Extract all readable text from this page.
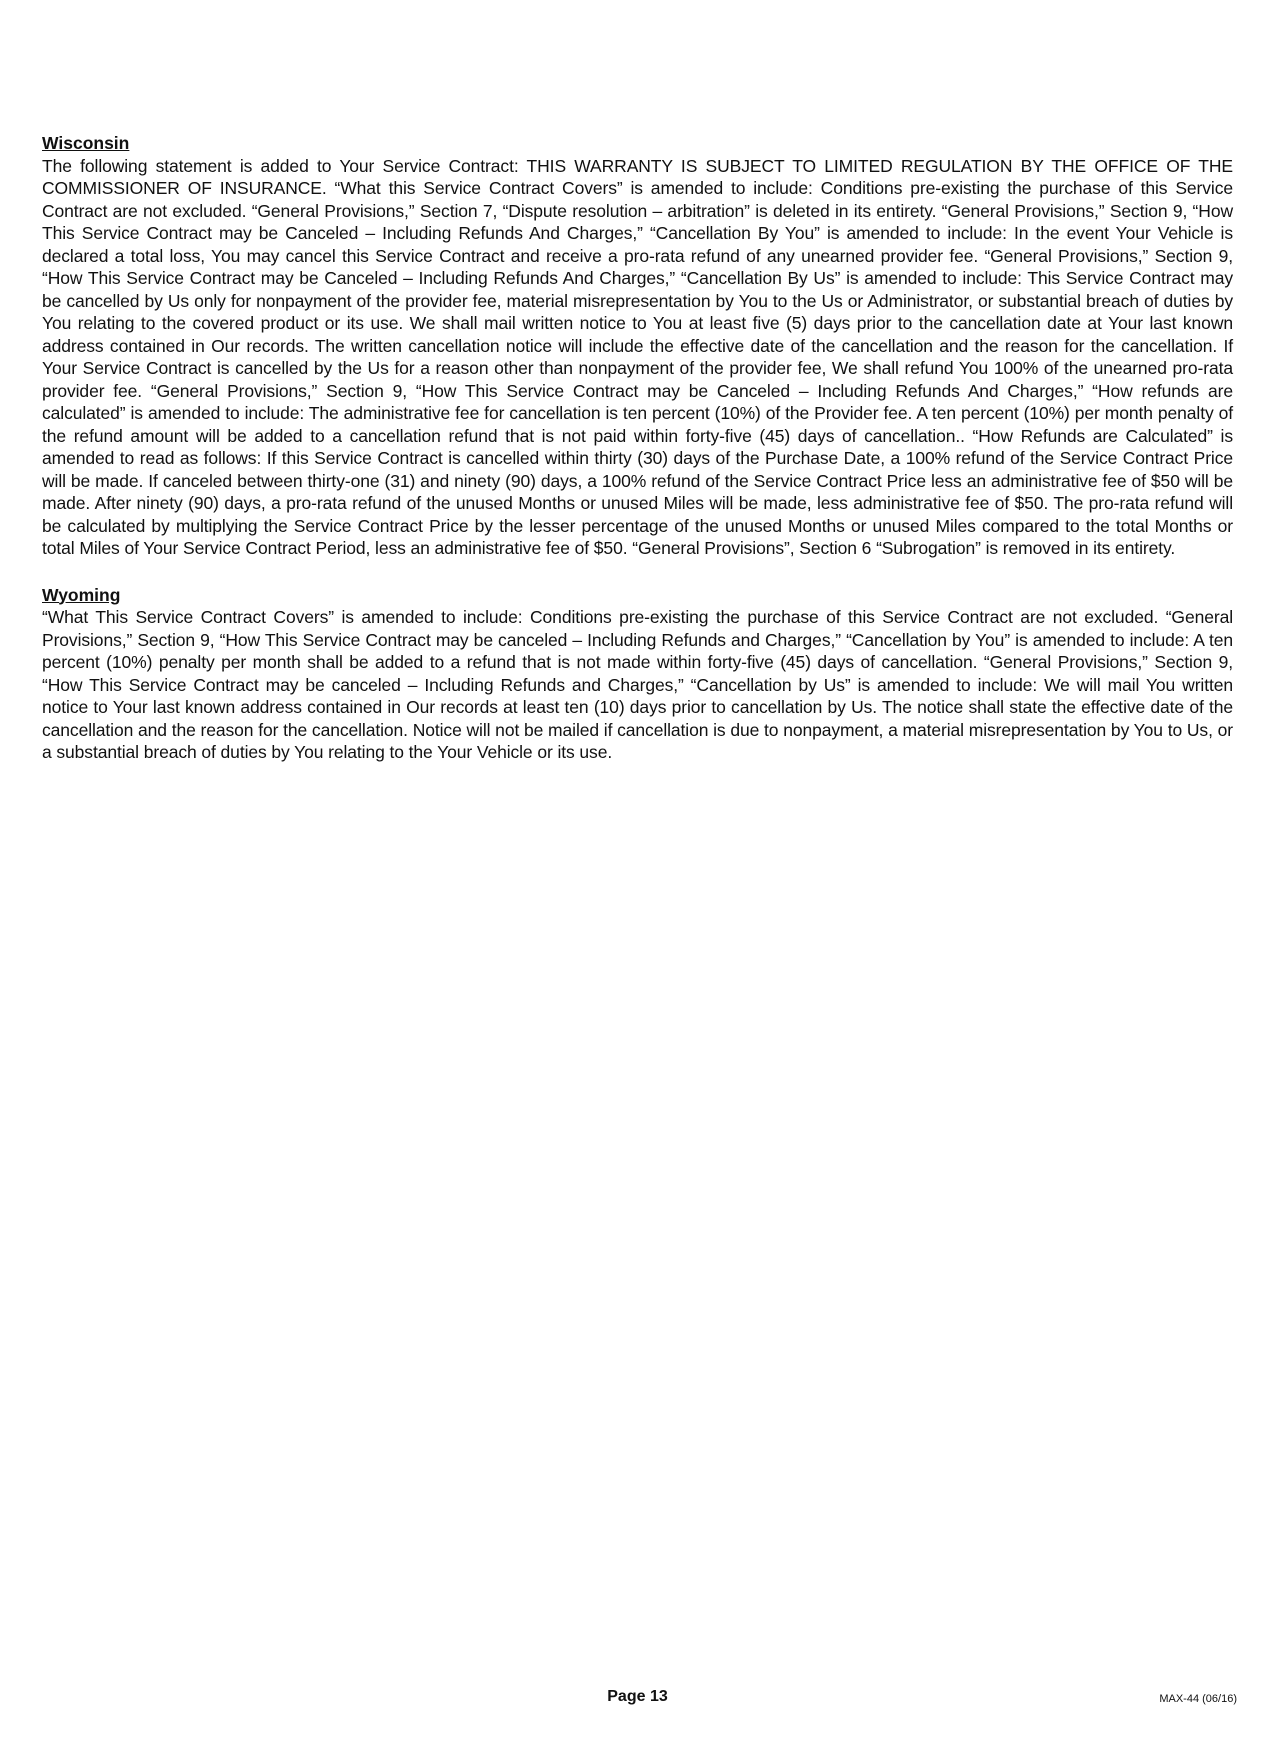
Wisconsin

The following statement is added to Your Service Contract: THIS WARRANTY IS SUBJECT TO LIMITED REGULATION BY THE OFFICE OF THE COMMISSIONER OF INSURANCE. “What this Service Contract Covers” is amended to include: Conditions pre-existing the purchase of this Service Contract are not excluded. “General Provisions,” Section 7, “Dispute resolution – arbitration” is deleted in its entirety. “General Provisions,” Section 9, “How This Service Contract may be Canceled – Including Refunds And Charges,” “Cancellation By You” is amended to include: In the event Your Vehicle is declared a total loss, You may cancel this Service Contract and receive a pro-rata refund of any unearned provider fee. “General Provisions,” Section 9, “How This Service Contract may be Canceled – Including Refunds And Charges,” “Cancellation By Us” is amended to include: This Service Contract may be cancelled by Us only for nonpayment of the provider fee, material misrepresentation by You to the Us or Administrator, or substantial breach of duties by You relating to the covered product or its use. We shall mail written notice to You at least five (5) days prior to the cancellation date at Your last known address contained in Our records. The written cancellation notice will include the effective date of the cancellation and the reason for the cancellation. If Your Service Contract is cancelled by the Us for a reason other than nonpayment of the provider fee, We shall refund You 100% of the unearned pro-rata provider fee. “General Provisions,” Section 9, “How This Service Contract may be Canceled – Including Refunds And Charges,” “How refunds are calculated” is amended to include: The administrative fee for cancellation is ten percent (10%) of the Provider fee. A ten percent (10%) per month penalty of the refund amount will be added to a cancellation refund that is not paid within forty-five (45) days of cancellation.. “How Refunds are Calculated” is amended to read as follows: If this Service Contract is cancelled within thirty (30) days of the Purchase Date, a 100% refund of the Service Contract Price will be made. If canceled between thirty-one (31) and ninety (90) days, a 100% refund of the Service Contract Price less an administrative fee of $50 will be made. After ninety (90) days, a pro-rata refund of the unused Months or unused Miles will be made, less administrative fee of $50. The pro-rata refund will be calculated by multiplying the Service Contract Price by the lesser percentage of the unused Months or unused Miles compared to the total Months or total Miles of Your Service Contract Period, less an administrative fee of $50. “General Provisions”, Section 6 “Subrogation” is removed in its entirety.

Wyoming

“What This Service Contract Covers” is amended to include: Conditions pre-existing the purchase of this Service Contract are not excluded. “General Provisions,” Section 9, “How This Service Contract may be canceled – Including Refunds and Charges,” “Cancellation by You” is amended to include: A ten percent (10%) penalty per month shall be added to a refund that is not made within forty-five (45) days of cancellation. “General Provisions,” Section 9, “How This Service Contract may be canceled – Including Refunds and Charges,” “Cancellation by Us” is amended to include: We will mail You written notice to Your last known address contained in Our records at least ten (10) days prior to cancellation by Us. The notice shall state the effective date of the cancellation and the reason for the cancellation. Notice will not be mailed if cancellation is due to nonpayment, a material misrepresentation by You to Us, or a substantial breach of duties by You relating to the Your Vehicle or its use.

Page 13	MAX-44 (06/16)
